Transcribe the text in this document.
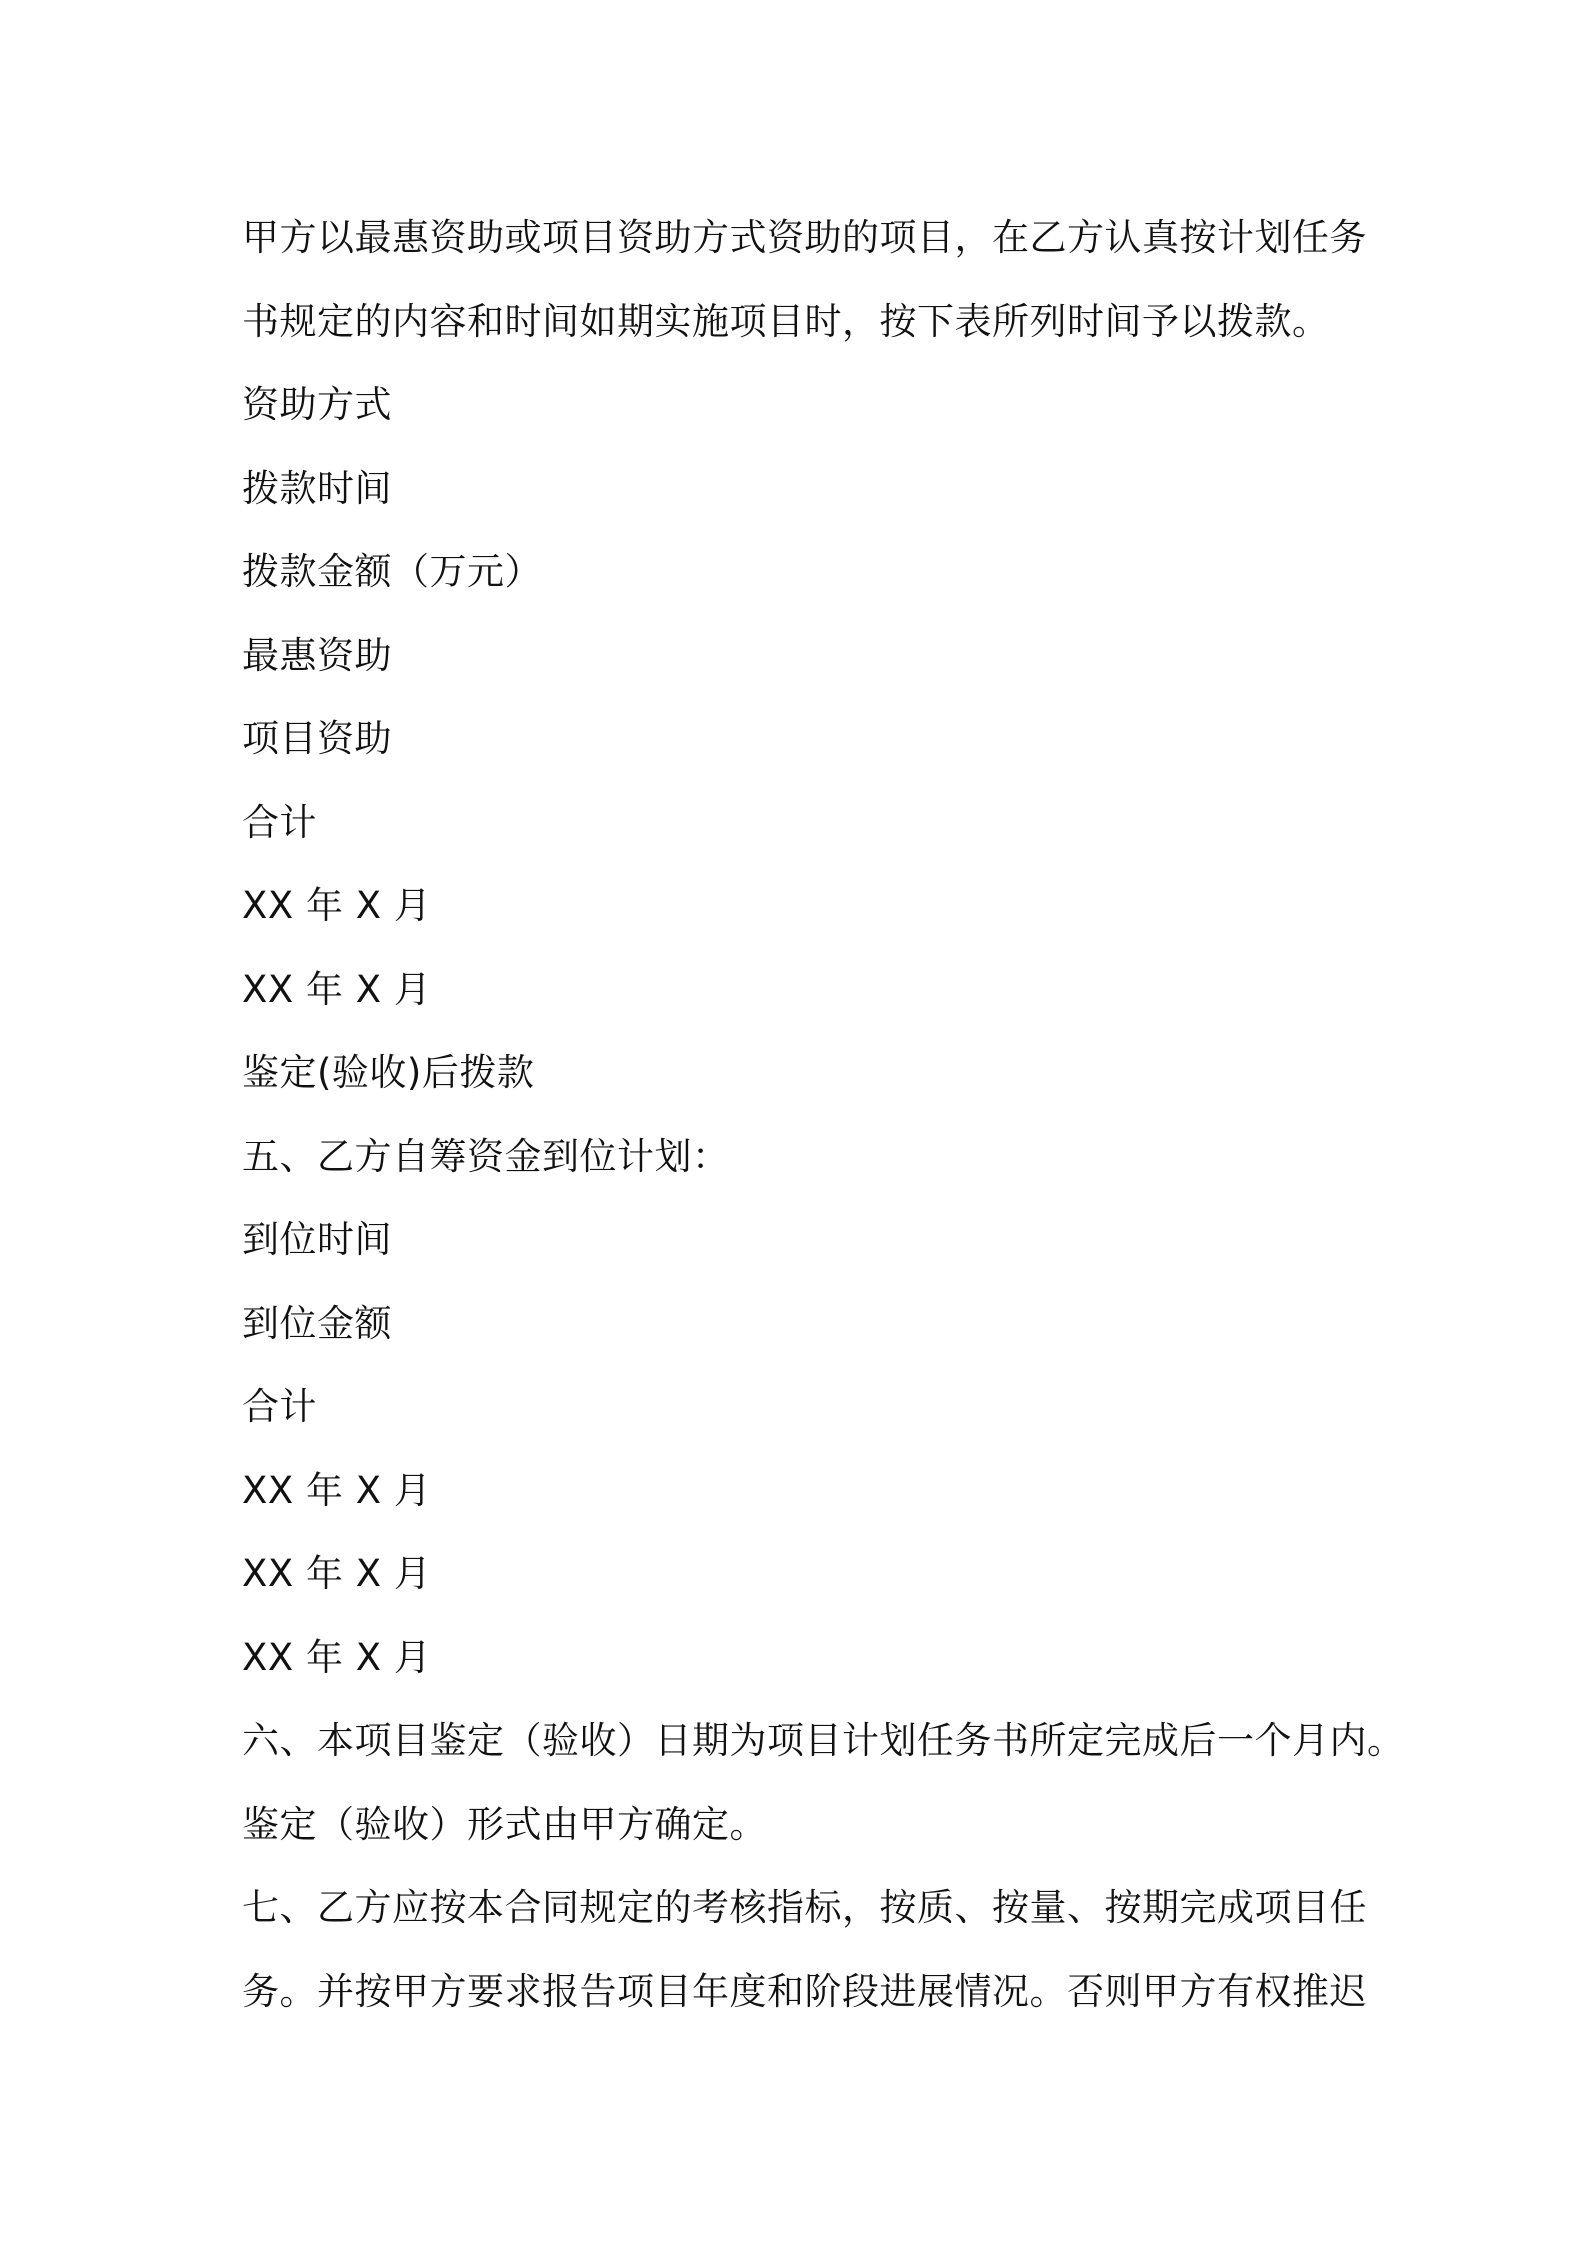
甲方以最惠资助或项目资助方式资助的项目，在乙方认真按计划任务
书规定的内容和时间如期实施项目时，按下表所列时间予以拨款。
资助方式
拨款时间
拨款金额（万元）
最惠资助
项目资助
合计
XX 年 X 月
XX 年 X 月
鉴定(验收)后拨款
五、乙方自筹资金到位计划：
到位时间
到位金额
合计
XX 年 X 月
XX 年 X 月
XX 年 X 月
六、本项目鉴定（验收）日期为项目计划任务书所定完成后一个月内。
鉴定（验收）形式由甲方确定。
七、乙方应按本合同规定的考核指标，按质、按量、按期完成项目任
务。并按甲方要求报告项目年度和阶段进展情况。否则甲方有权推迟
